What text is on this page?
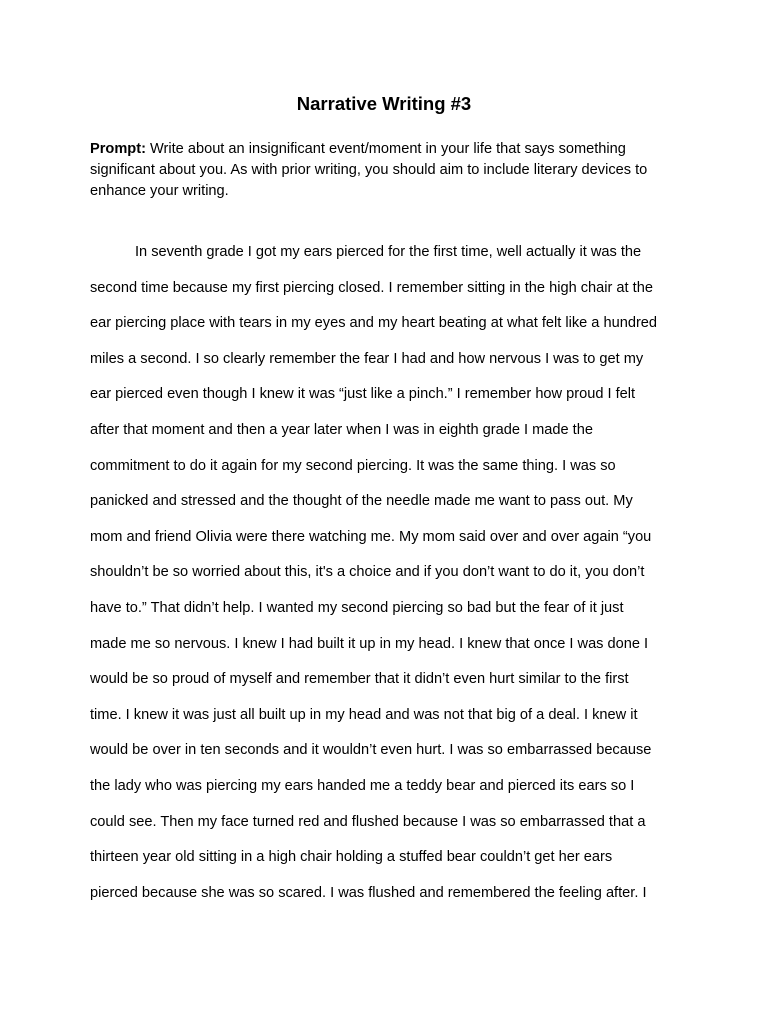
Narrative Writing #3

Prompt: Write about an insignificant event/moment in your life that says something
significant about you. As with prior writing, you should aim to include literary devices to
enhance your writing.

In seventh grade I got my ears pierced for the first time, well actually it was the
second time because my first piercing closed. I remember sitting in the high chair at the
ear piercing place with tears in my eyes and my heart beating at what felt like a hundred
miles a second. I so clearly remember the fear I had and how nervous I was to get my
ear pierced even though I knew it was “just like a pinch.” I remember how proud I felt
after that moment and then a year later when I was in eighth grade I made the
commitment to do it again for my second piercing. It was the same thing. I was so
panicked and stressed and the thought of the needle made me want to pass out. My
mom and friend Olivia were there watching me. My mom said over and over again “you
shouldn’t be so worried about this, it's a choice and if you don’t want to do it, you don’t
have to.” That didn’t help. I wanted my second piercing so bad but the fear of it just
made me so nervous. I knew I had built it up in my head. I knew that once I was done I
would be so proud of myself and remember that it didn’t even hurt similar to the first
time. I knew it was just all built up in my head and was not that big of a deal. I knew it
would be over in ten seconds and it wouldn’t even hurt. I was so embarrassed because
the lady who was piercing my ears handed me a teddy bear and pierced its ears so I
could see. Then my face turned red and flushed because I was so embarrassed that a
thirteen year old sitting in a high chair holding a stuffed bear couldn’t get her ears
pierced because she was so scared. I was flushed and remembered the feeling after. I
